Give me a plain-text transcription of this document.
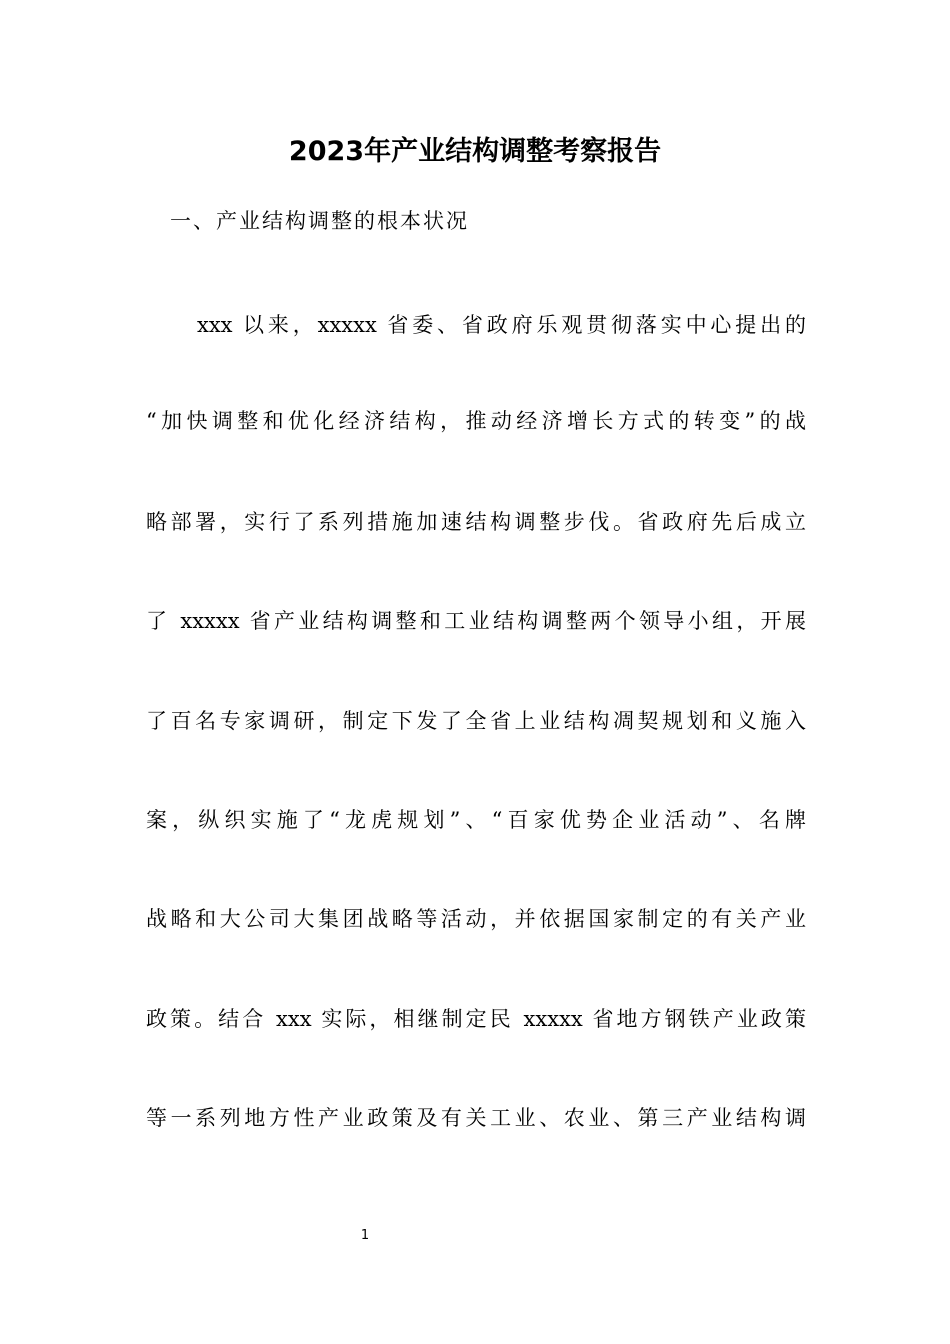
2023年产业结构调整考察报告
一、产业结构调整的根本状况
xxx 以来，xxxxx 省委、省政府乐观贯彻落实中心提出的
“加快调整和优化经济结构，推动经济增长方式的转变”的战
略部署，实行了系列措施加速结构调整步伐。省政府先后成立
了 xxxxx 省产业结构调整和工业结构调整两个领导小组，开展
了百名专家调研，制定下发了全省上业结构凋契规划和义施入
案，纵织实施了“龙虎规划”、“百家优势企业活动”、名牌
战略和大公司大集团战略等活动，并依据国家制定的有关产业
政策。结合 xxx 实际，相继制定民 xxxxx 省地方钢铁产业政策
等一系列地方性产业政策及有关工业、农业、第三产业结构调
1
